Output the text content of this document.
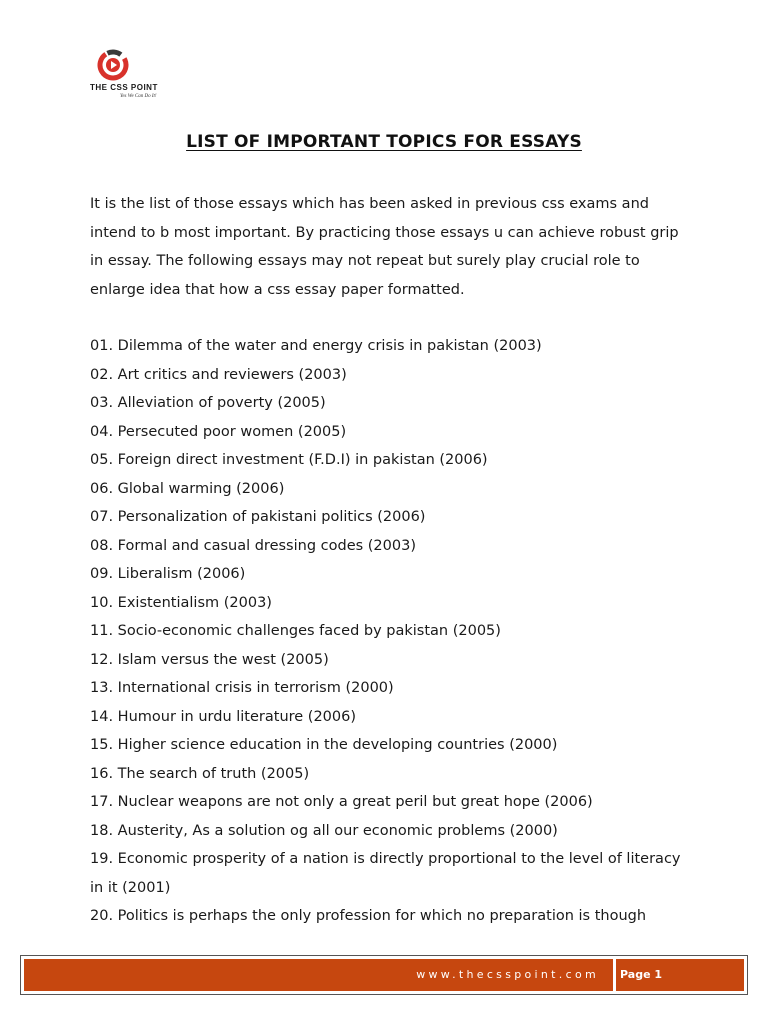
THE CSS POINT
Yes We Can Do It!
LIST OF IMPORTANT TOPICS FOR ESSAYS

It is the list of those essays which has been asked in previous css exams and intend to b most important. By practicing those essays u can achieve robust grip in essay. The following essays may not repeat but surely play crucial role to enlarge idea that how a css essay paper formatted.

01. Dilemma of the water and energy crisis in pakistan (2003)
02. Art critics and reviewers (2003)
03. Alleviation of poverty (2005)
04. Persecuted poor women (2005)
05. Foreign direct investment (F.D.I) in pakistan (2006)
06. Global warming (2006)
07. Personalization of pakistani politics (2006)
08. Formal and casual dressing codes (2003)
09. Liberalism (2006)
10. Existentialism (2003)
11. Socio-economic challenges faced by pakistan (2005)
12. Islam versus the west (2005)
13. International crisis in terrorism (2000)
14. Humour in urdu literature (2006)
15. Higher science education in the developing countries (2000)
16. The search of truth (2005)
17. Nuclear weapons are not only a great peril but great hope (2006)
18. Austerity, As a solution og all our economic problems (2000)
19. Economic prosperity of a nation is directly proportional to the level of literacy in it (2001)
20. Politics is perhaps the only profession for which no preparation is though
www.thecsspoint.com Page 1
